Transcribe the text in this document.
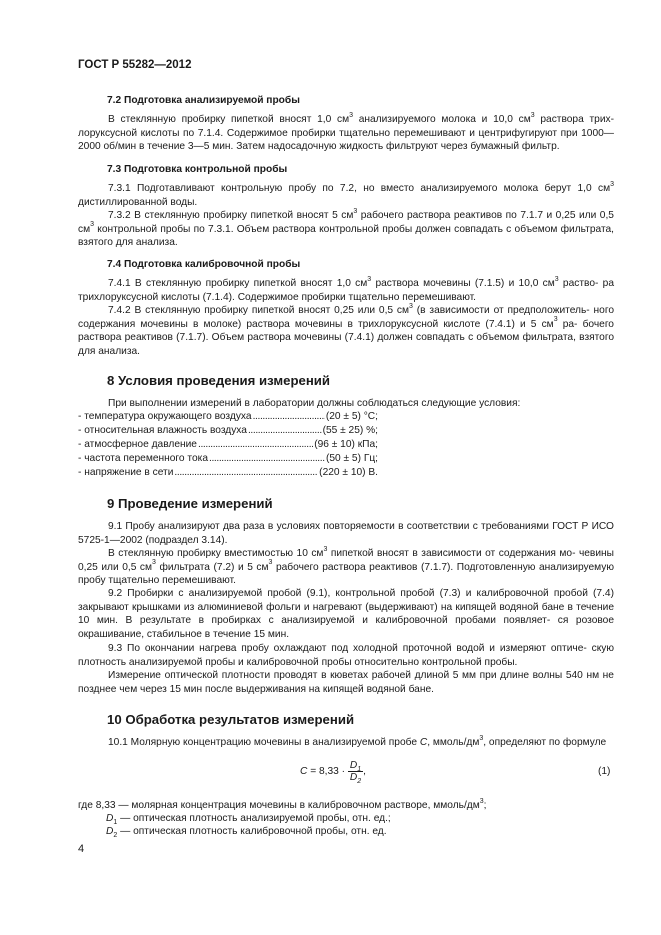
ГОСТ Р 55282—2012
7.2 Подготовка анализируемой пробы
В стеклянную пробирку пипеткой вносят 1,0 $см^3$ анализируемого молока и 10,0 $см^3$ раствора трих- лоруксусной кислоты по 7.1.4. Содержимое пробирки тщательно перемешивают и центрифугируют при 1000—2000 об/мин в течение 3—5 мин. Затем надосадочную жидкость фильтруют через бумажный фильтр.
7.3 Подготовка контрольной пробы
7.3.1 Подготавливают контрольную пробу по 7.2, но вместо анализируемого молока берут 1,0 $см^3$ дистиллированной воды.
7.3.2 В стеклянную пробирку пипеткой вносят 5 $см^3$ рабочего раствора реактивов по 7.1.7 и 0,25 или 0,5 $см^3$ контрольной пробы по 7.3.1. Объем раствора контрольной пробы должен совпадать с объемом фильтрата, взятого для анализа.
7.4 Подготовка калибровочной пробы
7.4.1 В стеклянную пробирку пипеткой вносят 1,0 $см^3$ раствора мочевины (7.1.5) и 10,0 $см^3$ раство- ра трихлоруксусной кислоты (7.1.4). Содержимое пробирки тщательно перемешивают.
7.4.2 В стеклянную пробирку пипеткой вносят 0,25 или 0,5 $см^3$ (в зависимости от предположитель- ного содержания мочевины в молоке) раствора мочевины в трихлоруксусной кислоте (7.4.1) и 5 $см^3$ ра- бочего раствора реактивов (7.1.7). Объем раствора мочевины (7.4.1) должен совпадать с объемом фильтрата, взятого для анализа.
8 Условия проведения измерений
При выполнении измерений в лаборатории должны соблюдаться следующие условия:
- температура окружающего воздуха . . .	(20 ± 5) °С;
- относительная влажность воздуха . . .	(55 ± 25) %;
- атмосферное давление . . .	(96 ± 10) кПа;
- частота переменного тока . . .	(50 ± 5) Гц;
- напряжение в сети . . .	(220 ± 10) В.
9 Проведение измерений
9.1 Пробу анализируют два раза в условиях повторяемости в соответствии с требованиями ГОСТ Р ИСО 5725-1—2002 (подраздел 3.14).
В стеклянную пробирку вместимостью 10 $см^3$ пипеткой вносят в зависимости от содержания мо- чевины 0,25 или 0,5 $см^3$ фильтрата (7.2) и 5 $см^3$ рабочего раствора реактивов (7.1.7). Подготовленную анализируемую пробу тщательно перемешивают.
9.2 Пробирки с анализируемой пробой (9.1), контрольной пробой (7.3) и калибровочной пробой (7.4) закрывают крышками из алюминиевой фольги и нагревают (выдерживают) на кипящей водяной бане в течение 10 мин. В результате в пробирках с анализируемой и калибровочной пробами появляет- ся розовое окрашивание, стабильное в течение 15 мин.
9.3 По окончании нагрева пробу охлаждают под холодной проточной водой и измеряют оптиче- скую плотность анализируемой пробы и калибровочной пробы относительно контрольной пробы.
Измерение оптической плотности проводят в кюветах рабочей длиной 5 мм при длине волны 540 нм не позднее чем через 15 мин после выдерживания на кипящей водяной бане.
10 Обработка результатов измерений
10.1 Молярную концентрацию мочевины в анализируемой пробе С, ммоль/$дм^3$, определяют по формуле
$С = 8,33 \cdot \frac{D_1}{D_2}$ ,	(1)
где 8,33 — молярная концентрация мочевины в калибровочном растворе, ммоль/$дм^3$;
$D_1$ — оптическая плотность анализируемой пробы, отн. ед.;
$D_2$ — оптическая плотность калибровочной пробы, отн. ед.
4
